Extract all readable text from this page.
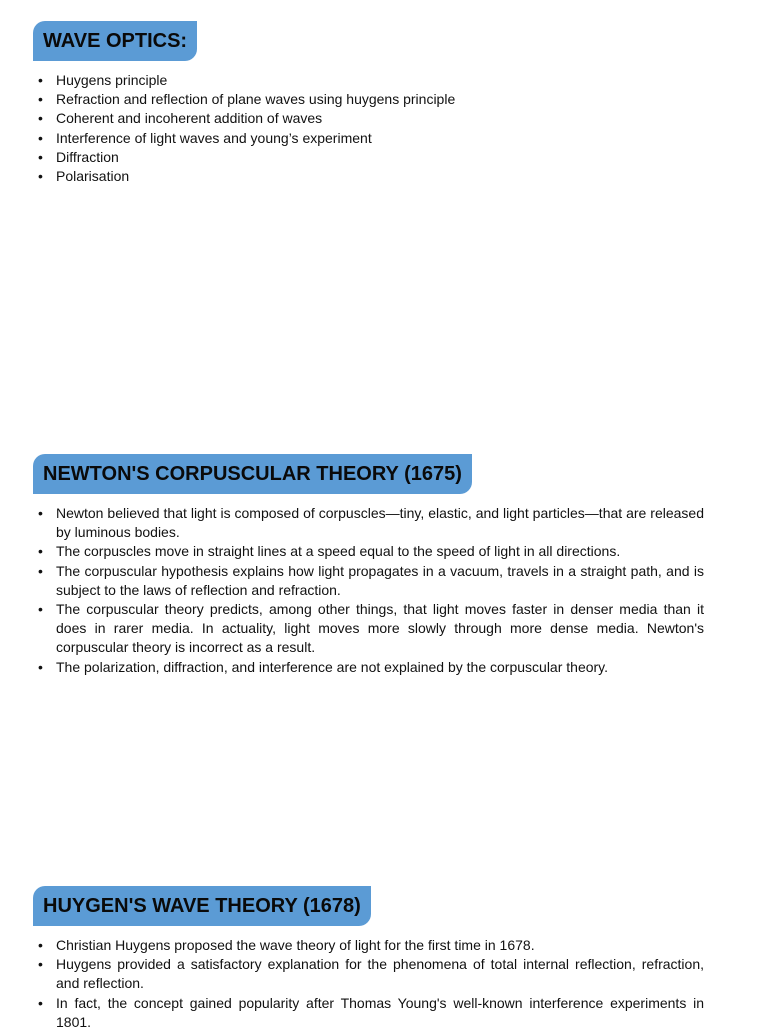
WAVE OPTICS:
• Huygens principle
• Refraction and reflection of plane waves using huygens principle
• Coherent and incoherent addition of waves
• Interference of light waves and young’s experiment
• Diffraction
• Polarisation
NEWTON'S CORPUSCULAR THEORY (1675)
• Newton believed that light is composed of corpuscles—tiny, elastic, and light particles—that are released by luminous bodies.
• The corpuscles move in straight lines at a speed equal to the speed of light in all directions.
• The corpuscular hypothesis explains how light propagates in a vacuum, travels in a straight path, and is subject to the laws of reflection and refraction.
• The corpuscular theory predicts, among other things, that light moves faster in denser media than it does in rarer media. In actuality, light moves more slowly through more dense media. Newton's corpuscular theory is incorrect as a result.
• The polarization, diffraction, and interference are not explained by the corpuscular theory.
HUYGEN'S WAVE THEORY (1678)
• Christian Huygens proposed the wave theory of light for the first time in 1678.
• Huygens provided a satisfactory explanation for the phenomena of total internal reflection, refraction, and reflection.
• In fact, the concept gained popularity after Thomas Young's well-known interference experiments in 1801.
